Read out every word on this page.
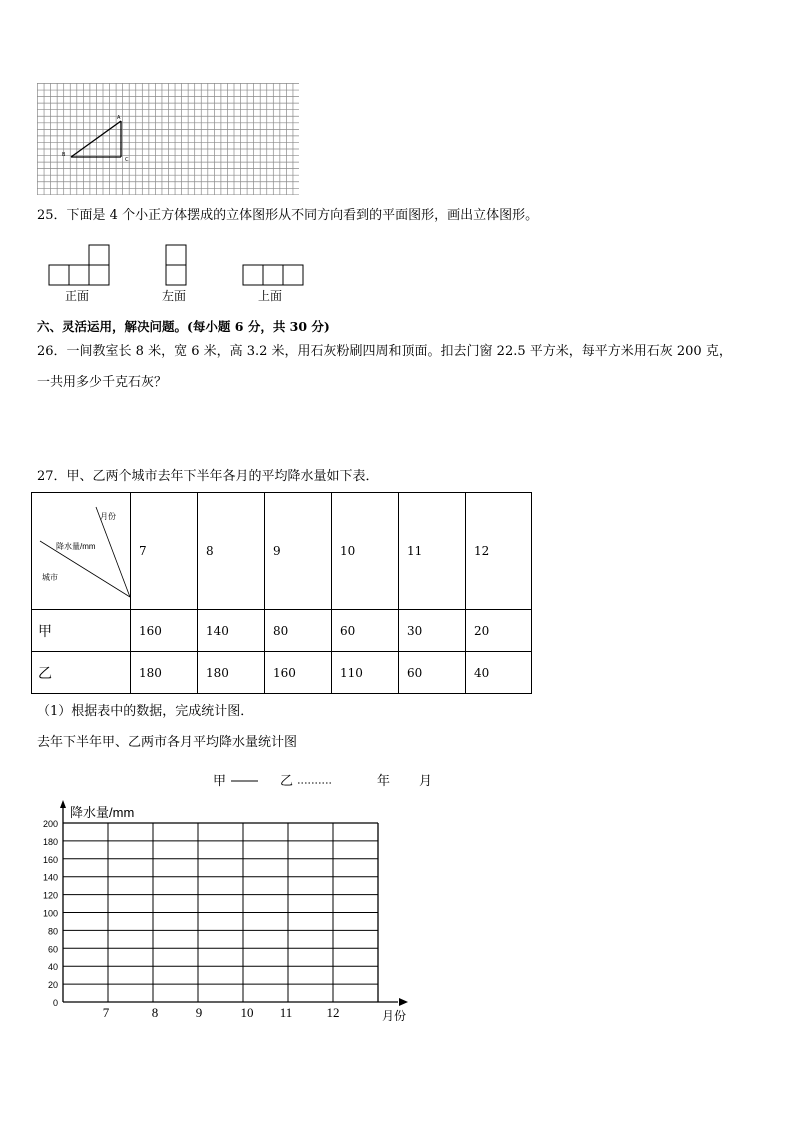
A
B
C
25．下面是 4 个小正方体摆成的立体图形从不同方向看到的平面图形，画出立体图形。
正面	左面	上面
六、灵活运用，解决问题。(每小题 6 分，共 30 分)
26．一间教室长 8 米，宽 6 米，高 3.2 米，用石灰粉刷四周和顶面。扣去门窗 22.5 平方米，每平方米用石灰 200 克，
一共用多少千克石灰？
27．甲、乙两个城市去年下半年各月的平均降水量如下表．
月份
降水量/mm
城市	7	8	9	10	11	12
甲	160	140	80	60	30	20
乙	180	180	160	110	60	40
（1）根据表中的数据，完成统计图．
去年下半年甲、乙两市各月平均降水量统计图
甲	乙	年 月
降水量/mm
月份
0
20
40
60
80
100
120
140
160
180
200
7	8	9	10 11	12
